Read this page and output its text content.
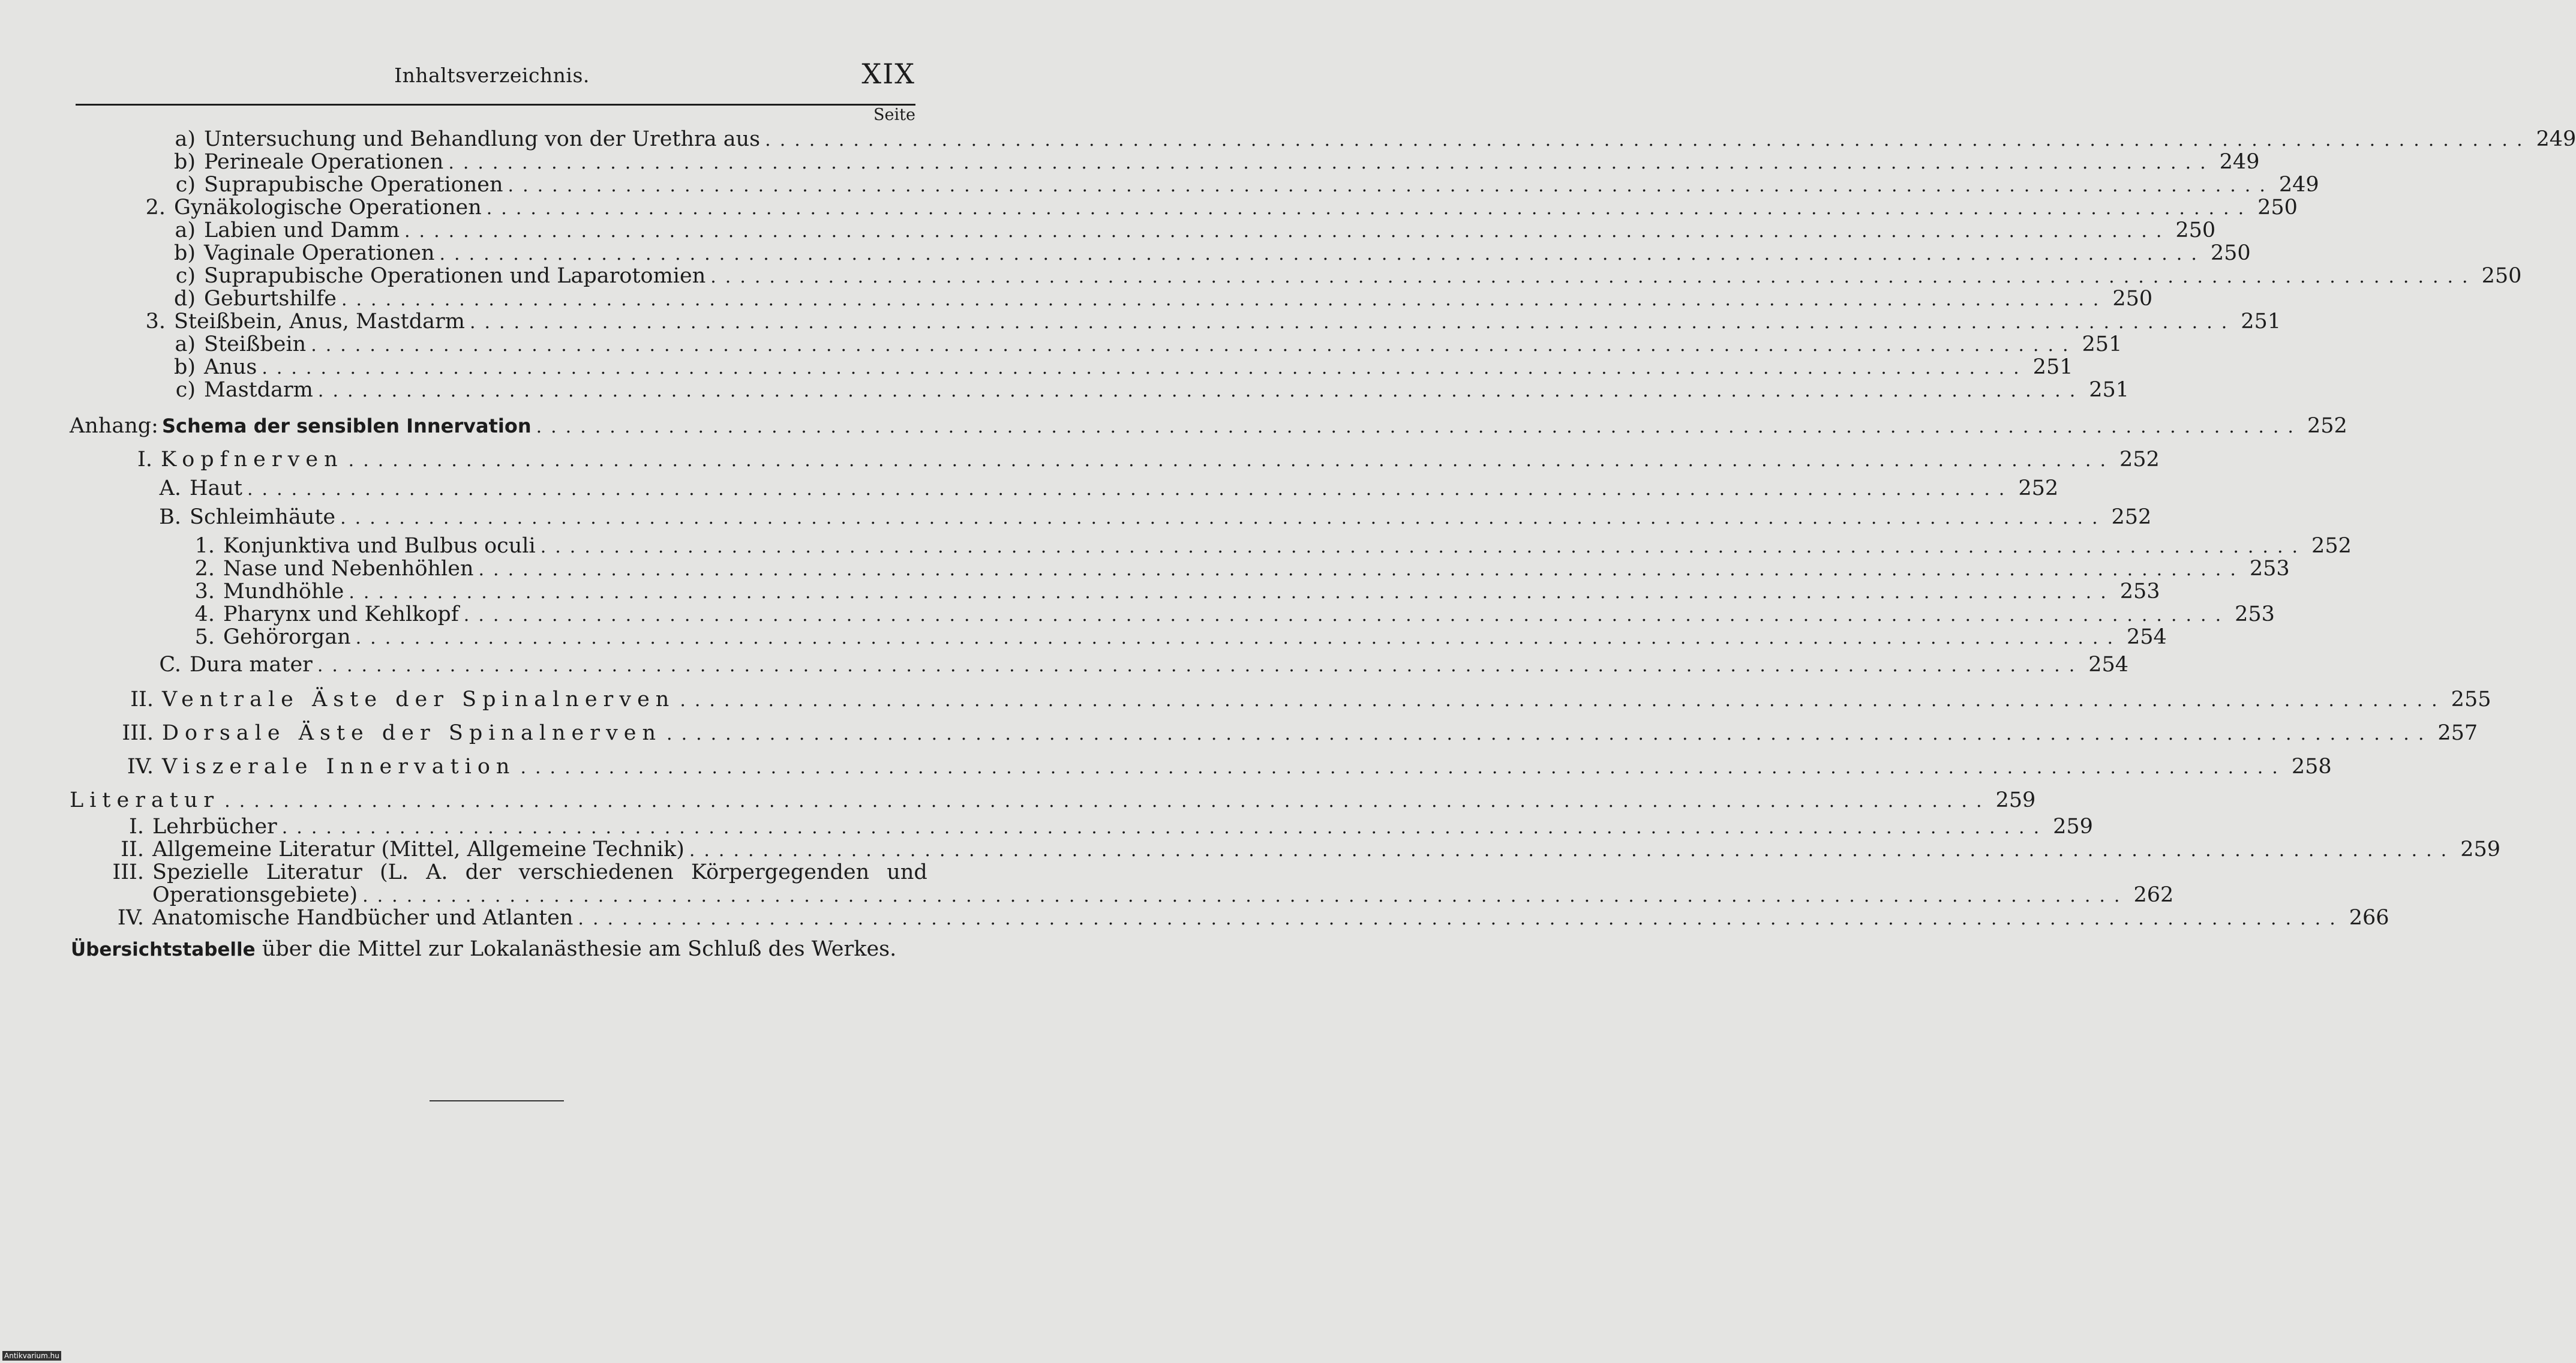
Inhaltsverzeichnis.	XIX
Seite
a) Untersuchung und Behandlung von der Urethra aus ........................................................................................................................ 249
b) Perineale Operationen ........................................................................................................................ 249
c) Suprapubische Operationen ........................................................................................................................ 249
2. Gynäkologische Operationen ........................................................................................................................ 250
a) Labien und Damm ........................................................................................................................ 250
b) Vaginale Operationen ........................................................................................................................ 250
c) Suprapubische Operationen und Laparotomien ........................................................................................................................ 250
d) Geburtshilfe ........................................................................................................................ 250
3. Steißbein, Anus, Mastdarm ........................................................................................................................ 251
a) Steißbein ........................................................................................................................ 251
b) Anus ........................................................................................................................ 251
c) Mastdarm ........................................................................................................................ 251
Anhang: Schema der sensiblen Innervation ........................................................................................................................ 252
I. Kopfnerven ........................................................................................................................ 252
A. Haut ........................................................................................................................ 252
B. Schleimhäute ........................................................................................................................ 252
1. Konjunktiva und Bulbus oculi ........................................................................................................................ 252
2. Nase und Nebenhöhlen ........................................................................................................................ 253
3. Mundhöhle ........................................................................................................................ 253
4. Pharynx und Kehlkopf ........................................................................................................................ 253
5. Gehörorgan ........................................................................................................................ 254
C. Dura mater ........................................................................................................................ 254
II. Ventrale Äste der Spinalnerven ........................................................................................................................ 255
III. Dorsale Äste der Spinalnerven ........................................................................................................................ 257
IV. Viszerale Innervation ........................................................................................................................ 258
Literatur ........................................................................................................................ 259
I. Lehrbücher ........................................................................................................................ 259
II. Allgemeine Literatur (Mittel, Allgemeine Technik) ........................................................................................................................ 259
III. Spezielle Literatur (L. A. der verschiedenen Körpergegenden und
Operationsgebiete) ........................................................................................................................ 262
IV. Anatomische Handbücher und Atlanten ........................................................................................................................ 266
Übersichtstabelle über die Mittel zur Lokalanästhesie am Schluß des Werkes.
Antikvarium.hu
